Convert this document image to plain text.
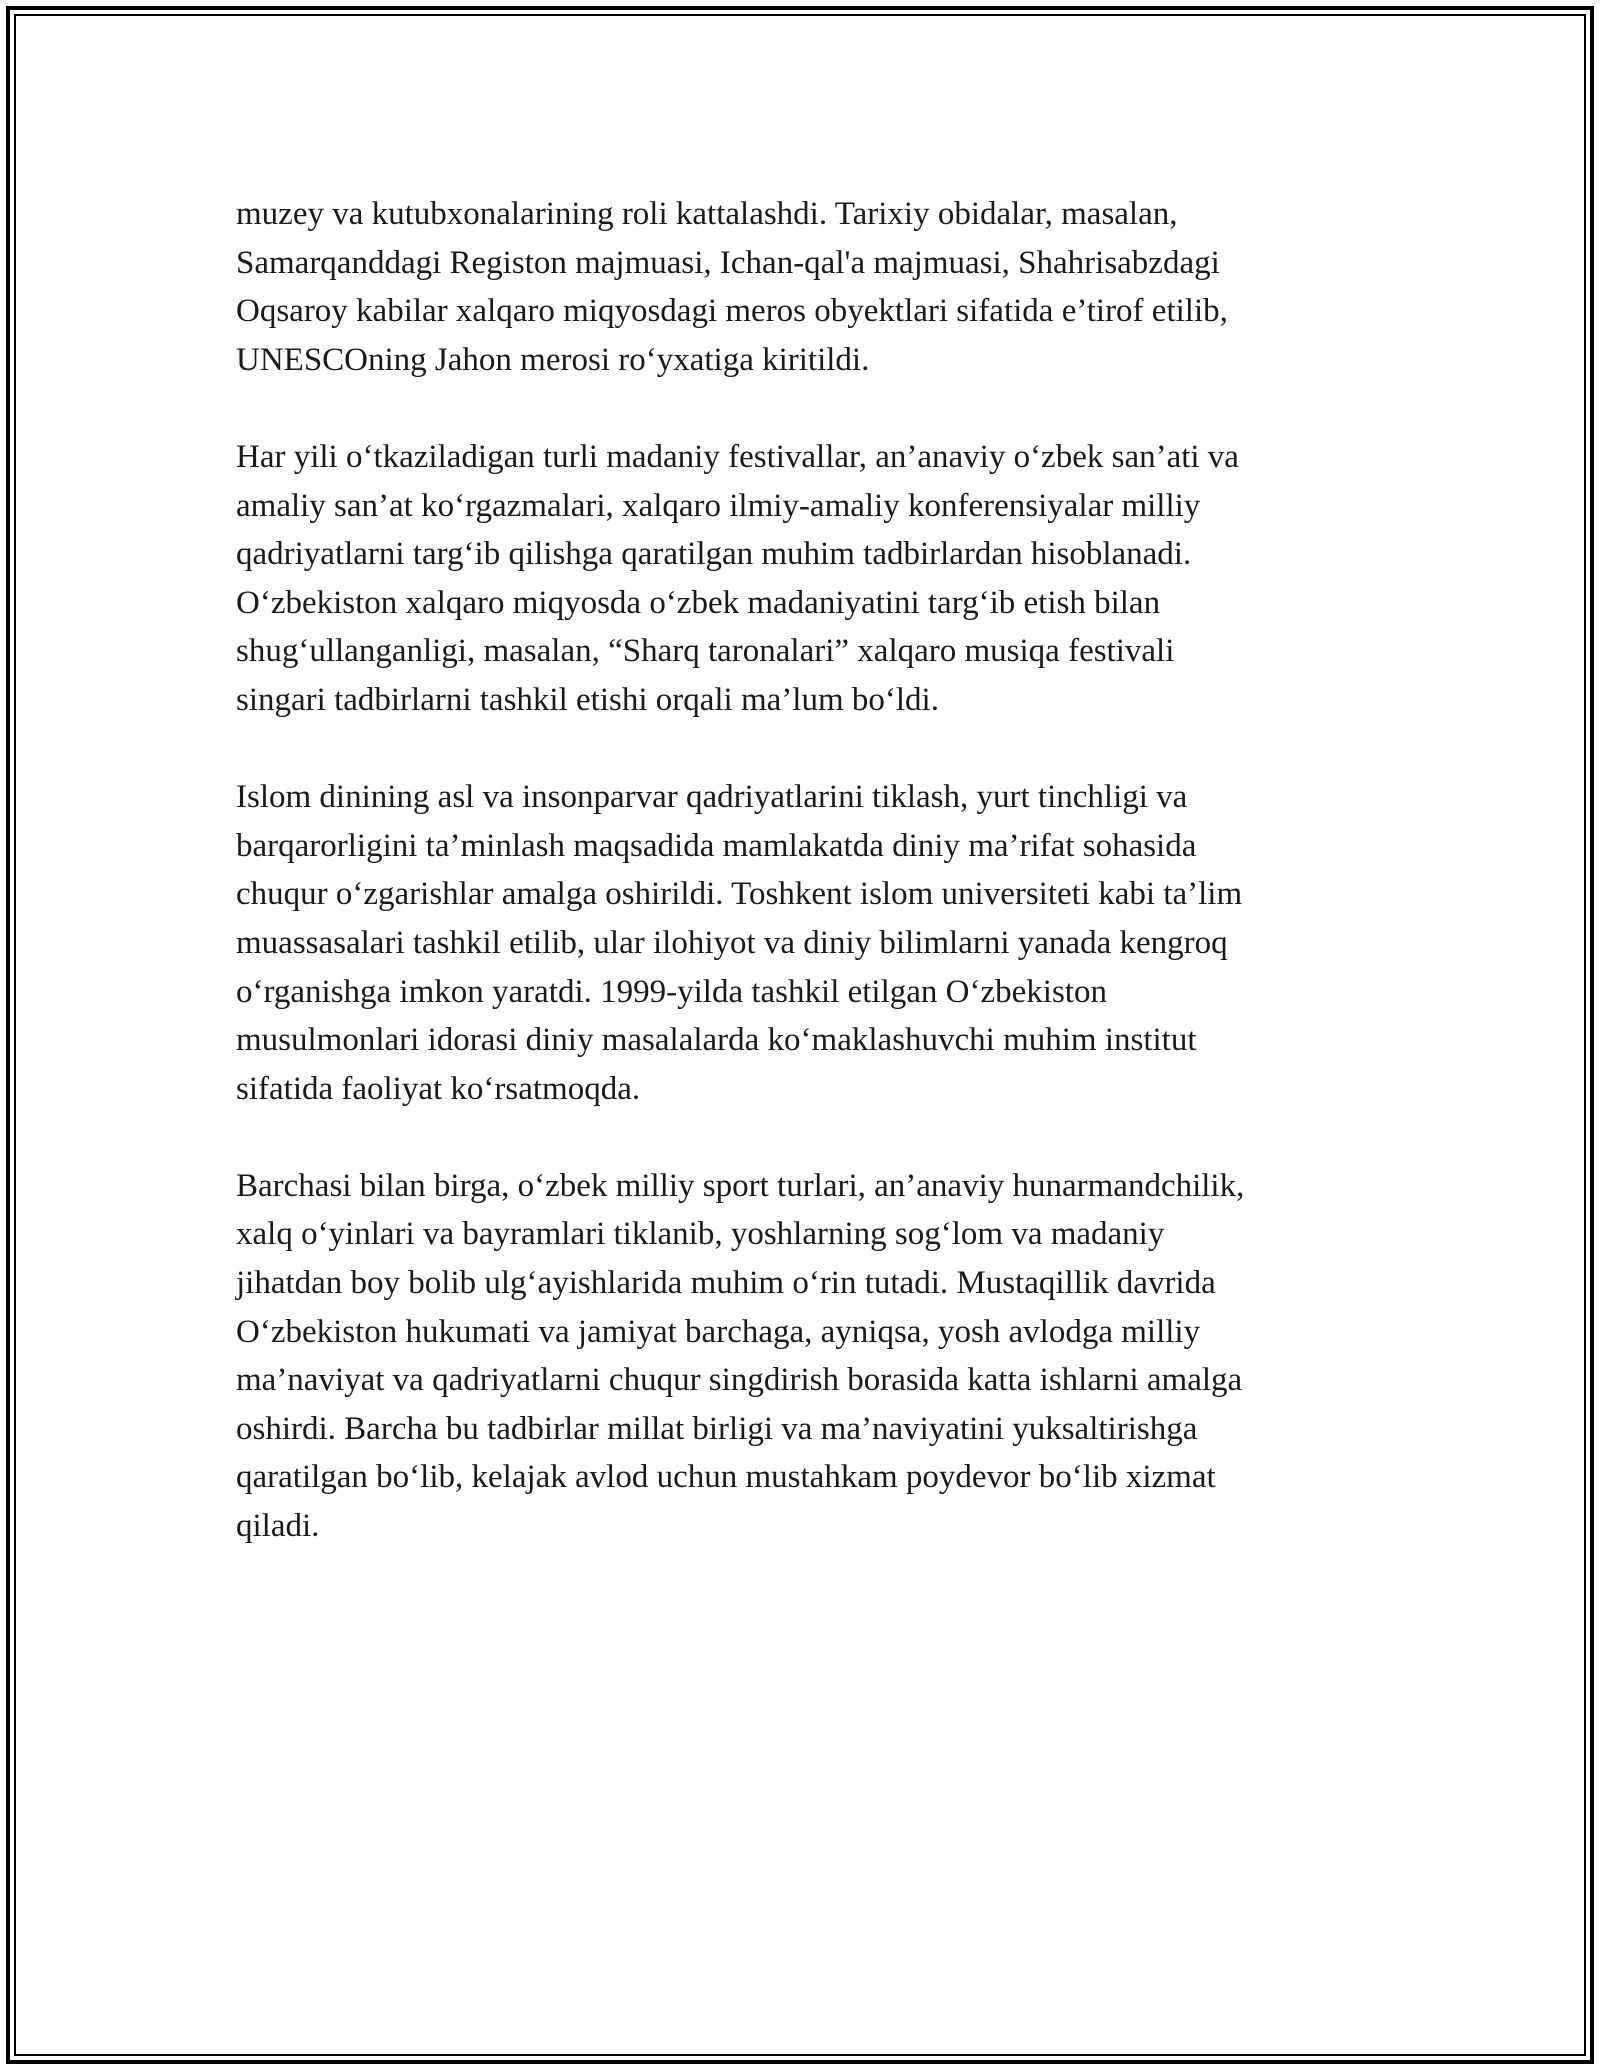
muzey va kutubxonalarining roli kattalashdi. Tarixiy obidalar, masalan,
Samarqanddagi Registon majmuasi, Ichan-qal'a majmuasi, Shahrisabzdagi
Oqsaroy kabilar xalqaro miqyosdagi meros obyektlari sifatida e’tirof etilib,
UNESCOning Jahon merosi ro‘yxatiga kiritildi.

Har yili o‘tkaziladigan turli madaniy festivallar, an’anaviy o‘zbek san’ati va
amaliy san’at ko‘rgazmalari, xalqaro ilmiy-amaliy konferensiyalar milliy
qadriyatlarni targ‘ib qilishga qaratilgan muhim tadbirlardan hisoblanadi.
O‘zbekiston xalqaro miqyosda o‘zbek madaniyatini targ‘ib etish bilan
shug‘ullanganligi, masalan, “Sharq taronalari” xalqaro musiqa festivali
singari tadbirlarni tashkil etishi orqali ma’lum bo‘ldi.

Islom dinining asl va insonparvar qadriyatlarini tiklash, yurt tinchligi va
barqarorligini ta’minlash maqsadida mamlakatda diniy ma’rifat sohasida
chuqur o‘zgarishlar amalga oshirildi. Toshkent islom universiteti kabi ta’lim
muassasalari tashkil etilib, ular ilohiyot va diniy bilimlarni yanada kengroq
o‘rganishga imkon yaratdi. 1999-yilda tashkil etilgan O‘zbekiston
musulmonlari idorasi diniy masalalarda ko‘maklashuvchi muhim institut
sifatida faoliyat ko‘rsatmoqda.

Barchasi bilan birga, o‘zbek milliy sport turlari, an’anaviy hunarmandchilik,
xalq o‘yinlari va bayramlari tiklanib, yoshlarning sog‘lom va madaniy
jihatdan boy bolib ulg‘ayishlarida muhim o‘rin tutadi. Mustaqillik davrida
O‘zbekiston hukumati va jamiyat barchaga, ayniqsa, yosh avlodga milliy
ma’naviyat va qadriyatlarni chuqur singdirish borasida katta ishlarni amalga
oshirdi. Barcha bu tadbirlar millat birligi va ma’naviyatini yuksaltirishga
qaratilgan bo‘lib, kelajak avlod uchun mustahkam poydevor bo‘lib xizmat
qiladi.
